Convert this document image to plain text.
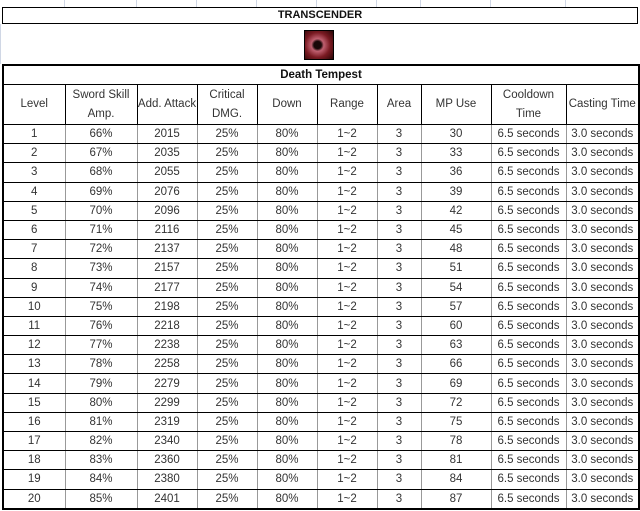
TRANSCENDER
Death Tempest									
Level	Sword Skill Amp.	Add. Attack	Critical DMG.	Down	Range	Area	MP Use	Cooldown Time	Casting Time
1	66%	2015	25%	80%	1~2	3	30	6.5 seconds	3.0 seconds
2	67%	2035	25%	80%	1~2	3	33	6.5 seconds	3.0 seconds
3	68%	2055	25%	80%	1~2	3	36	6.5 seconds	3.0 seconds
4	69%	2076	25%	80%	1~2	3	39	6.5 seconds	3.0 seconds
5	70%	2096	25%	80%	1~2	3	42	6.5 seconds	3.0 seconds
6	71%	2116	25%	80%	1~2	3	45	6.5 seconds	3.0 seconds
7	72%	2137	25%	80%	1~2	3	48	6.5 seconds	3.0 seconds
8	73%	2157	25%	80%	1~2	3	51	6.5 seconds	3.0 seconds
9	74%	2177	25%	80%	1~2	3	54	6.5 seconds	3.0 seconds
10	75%	2198	25%	80%	1~2	3	57	6.5 seconds	3.0 seconds
11	76%	2218	25%	80%	1~2	3	60	6.5 seconds	3.0 seconds
12	77%	2238	25%	80%	1~2	3	63	6.5 seconds	3.0 seconds
13	78%	2258	25%	80%	1~2	3	66	6.5 seconds	3.0 seconds
14	79%	2279	25%	80%	1~2	3	69	6.5 seconds	3.0 seconds
15	80%	2299	25%	80%	1~2	3	72	6.5 seconds	3.0 seconds
16	81%	2319	25%	80%	1~2	3	75	6.5 seconds	3.0 seconds
17	82%	2340	25%	80%	1~2	3	78	6.5 seconds	3.0 seconds
18	83%	2360	25%	80%	1~2	3	81	6.5 seconds	3.0 seconds
19	84%	2380	25%	80%	1~2	3	84	6.5 seconds	3.0 seconds
20	85%	2401	25%	80%	1~2	3	87	6.5 seconds	3.0 seconds
